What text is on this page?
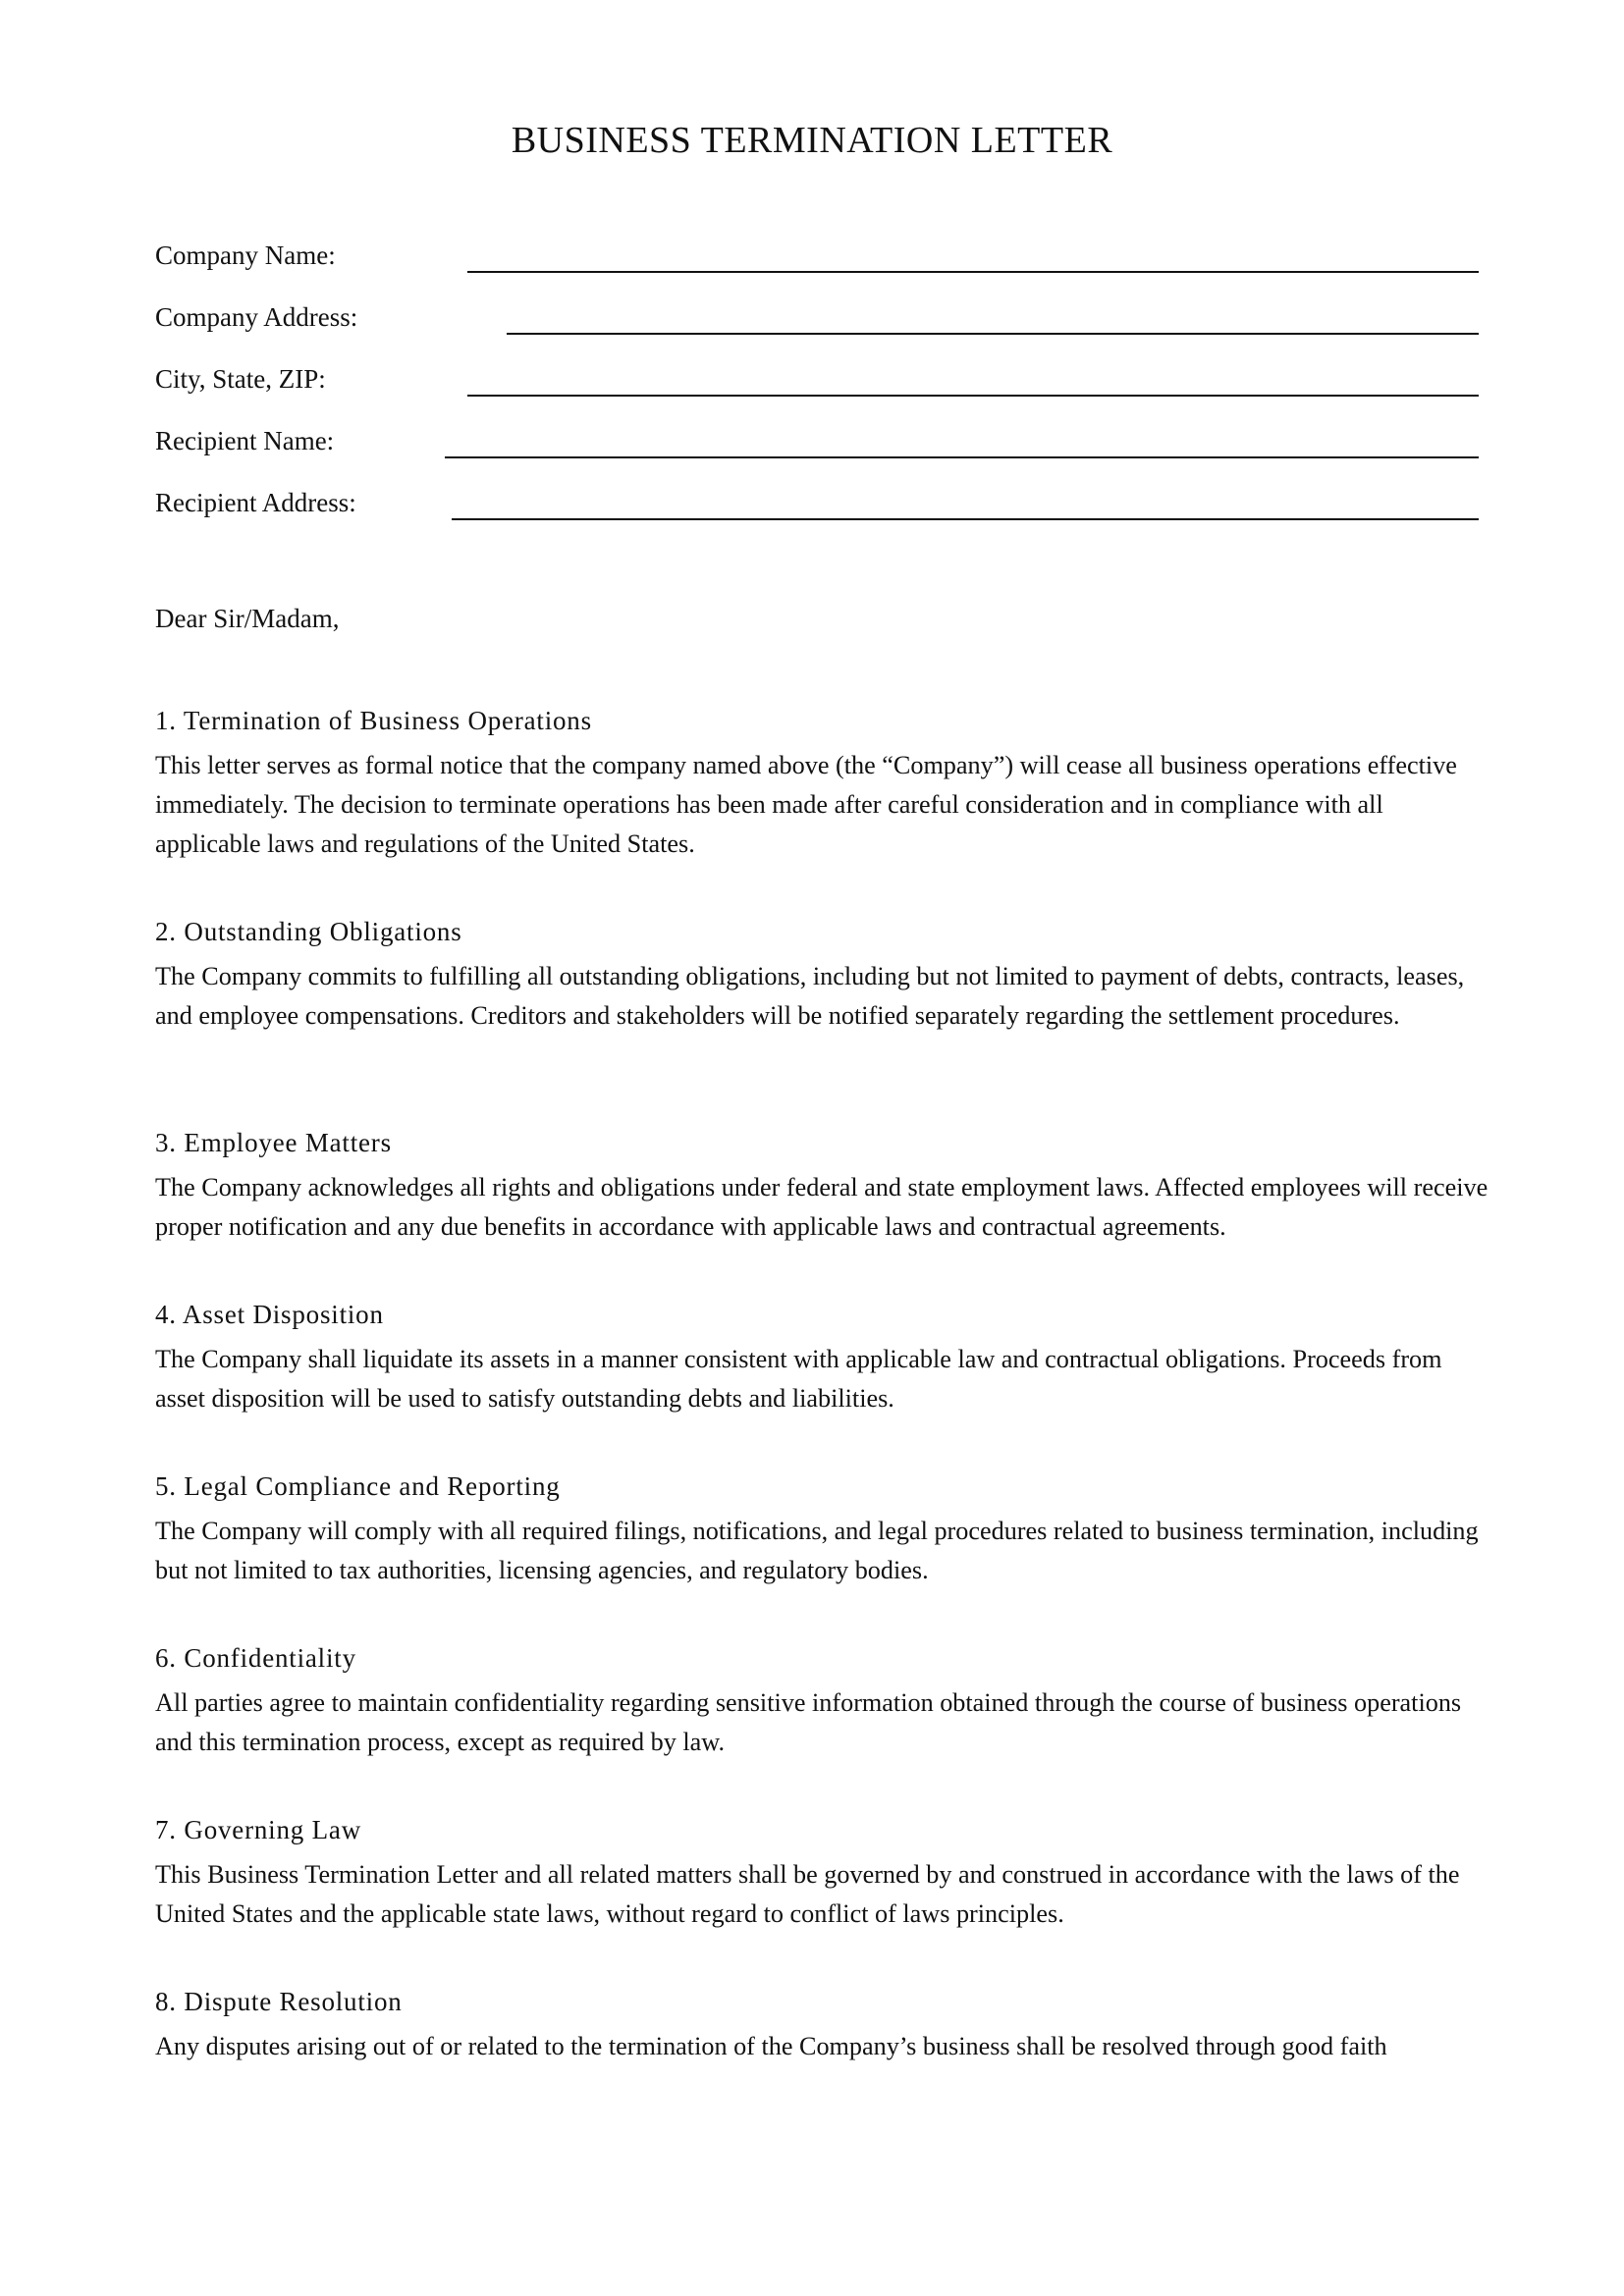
BUSINESS TERMINATION LETTER
Company Name:
Company Address:
City, State, ZIP:
Recipient Name:
Recipient Address:
Dear Sir/Madam,
1. Termination of Business Operations

This letter serves as formal notice that the company named above (the “Company”) will cease all business operations effective immediately. The decision to terminate operations has been made after careful consideration and in compliance with all applicable laws and regulations of the United States.

2. Outstanding Obligations

The Company commits to fulfilling all outstanding obligations, including but not limited to payment of debts, contracts, leases, and employee compensations. Creditors and stakeholders will be notified separately regarding the settlement procedures.

3. Employee Matters

The Company acknowledges all rights and obligations under federal and state employment laws. Affected employees will receive proper notification and any due benefits in accordance with applicable laws and contractual agreements.

4. Asset Disposition

The Company shall liquidate its assets in a manner consistent with applicable law and contractual obligations. Proceeds from asset disposition will be used to satisfy outstanding debts and liabilities.

5. Legal Compliance and Reporting

The Company will comply with all required filings, notifications, and legal procedures related to business termination, including but not limited to tax authorities, licensing agencies, and regulatory bodies.

6. Confidentiality

All parties agree to maintain confidentiality regarding sensitive information obtained through the course of business operations and this termination process, except as required by law.

7. Governing Law

This Business Termination Letter and all related matters shall be governed by and construed in accordance with the laws of the United States and the applicable state laws, without regard to conflict of laws principles.

8. Dispute Resolution

Any disputes arising out of or related to the termination of the Company’s business shall be resolved through good faith
